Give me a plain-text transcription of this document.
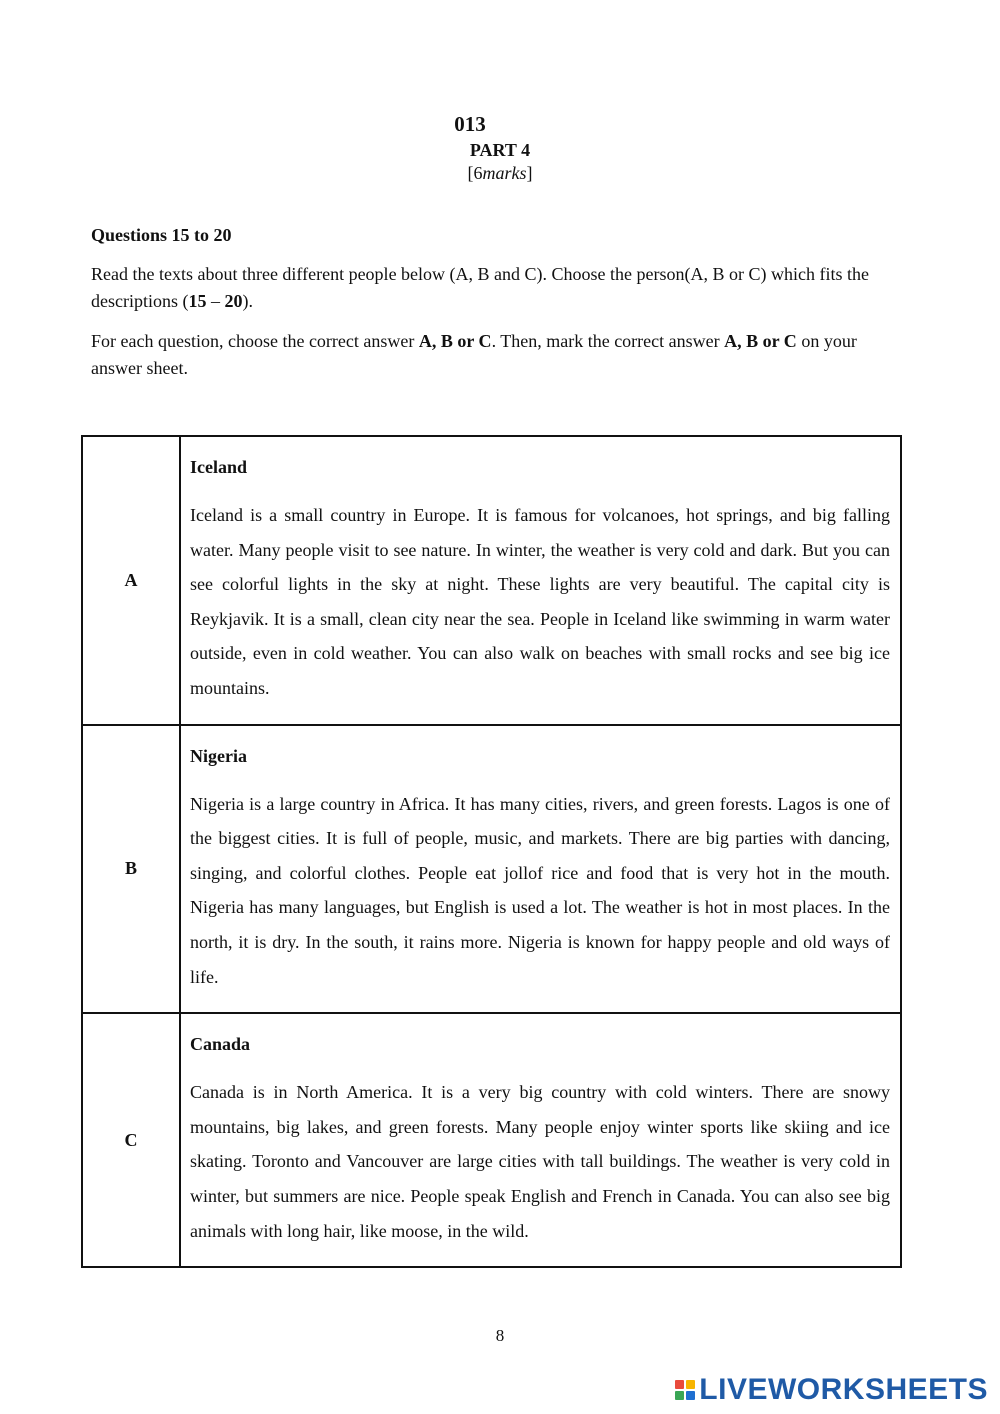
013
PART 4
[6marks]
Questions 15 to 20
Read the texts about three different people below (A, B and C). Choose the person(A, B or C) which fits the descriptions (15 – 20).
For each question, choose the correct answer A, B or C. Then, mark the correct answer A, B or C on your answer sheet.
A	Iceland
Iceland is a small country in Europe. It is famous for volcanoes, hot springs, and big falling water. Many people visit to see nature. In winter, the weather is very cold and dark. But you can see colorful lights in the sky at night. These lights are very beautiful. The capital city is Reykjavik. It is a small, clean city near the sea. People in Iceland like swimming in warm water outside, even in cold weather. You can also walk on beaches with small rocks and see big ice mountains.

B	Nigeria
Nigeria is a large country in Africa. It has many cities, rivers, and green forests. Lagos is one of the biggest cities. It is full of people, music, and markets. There are big parties with dancing, singing, and colorful clothes. People eat jollof rice and food that is very hot in the mouth. Nigeria has many languages, but English is used a lot. The weather is hot in most places. In the north, it is dry. In the south, it rains more. Nigeria is known for happy people and old ways of life.

C	Canada
Canada is in North America. It is a very big country with cold winters. There are snowy mountains, big lakes, and green forests. Many people enjoy winter sports like skiing and ice skating. Toronto and Vancouver are large cities with tall buildings. The weather is very cold in winter, but summers are nice. People speak English and French in Canada. You can also see big animals with long hair, like moose, in the wild.
8
LIVEWORKSHEETS
